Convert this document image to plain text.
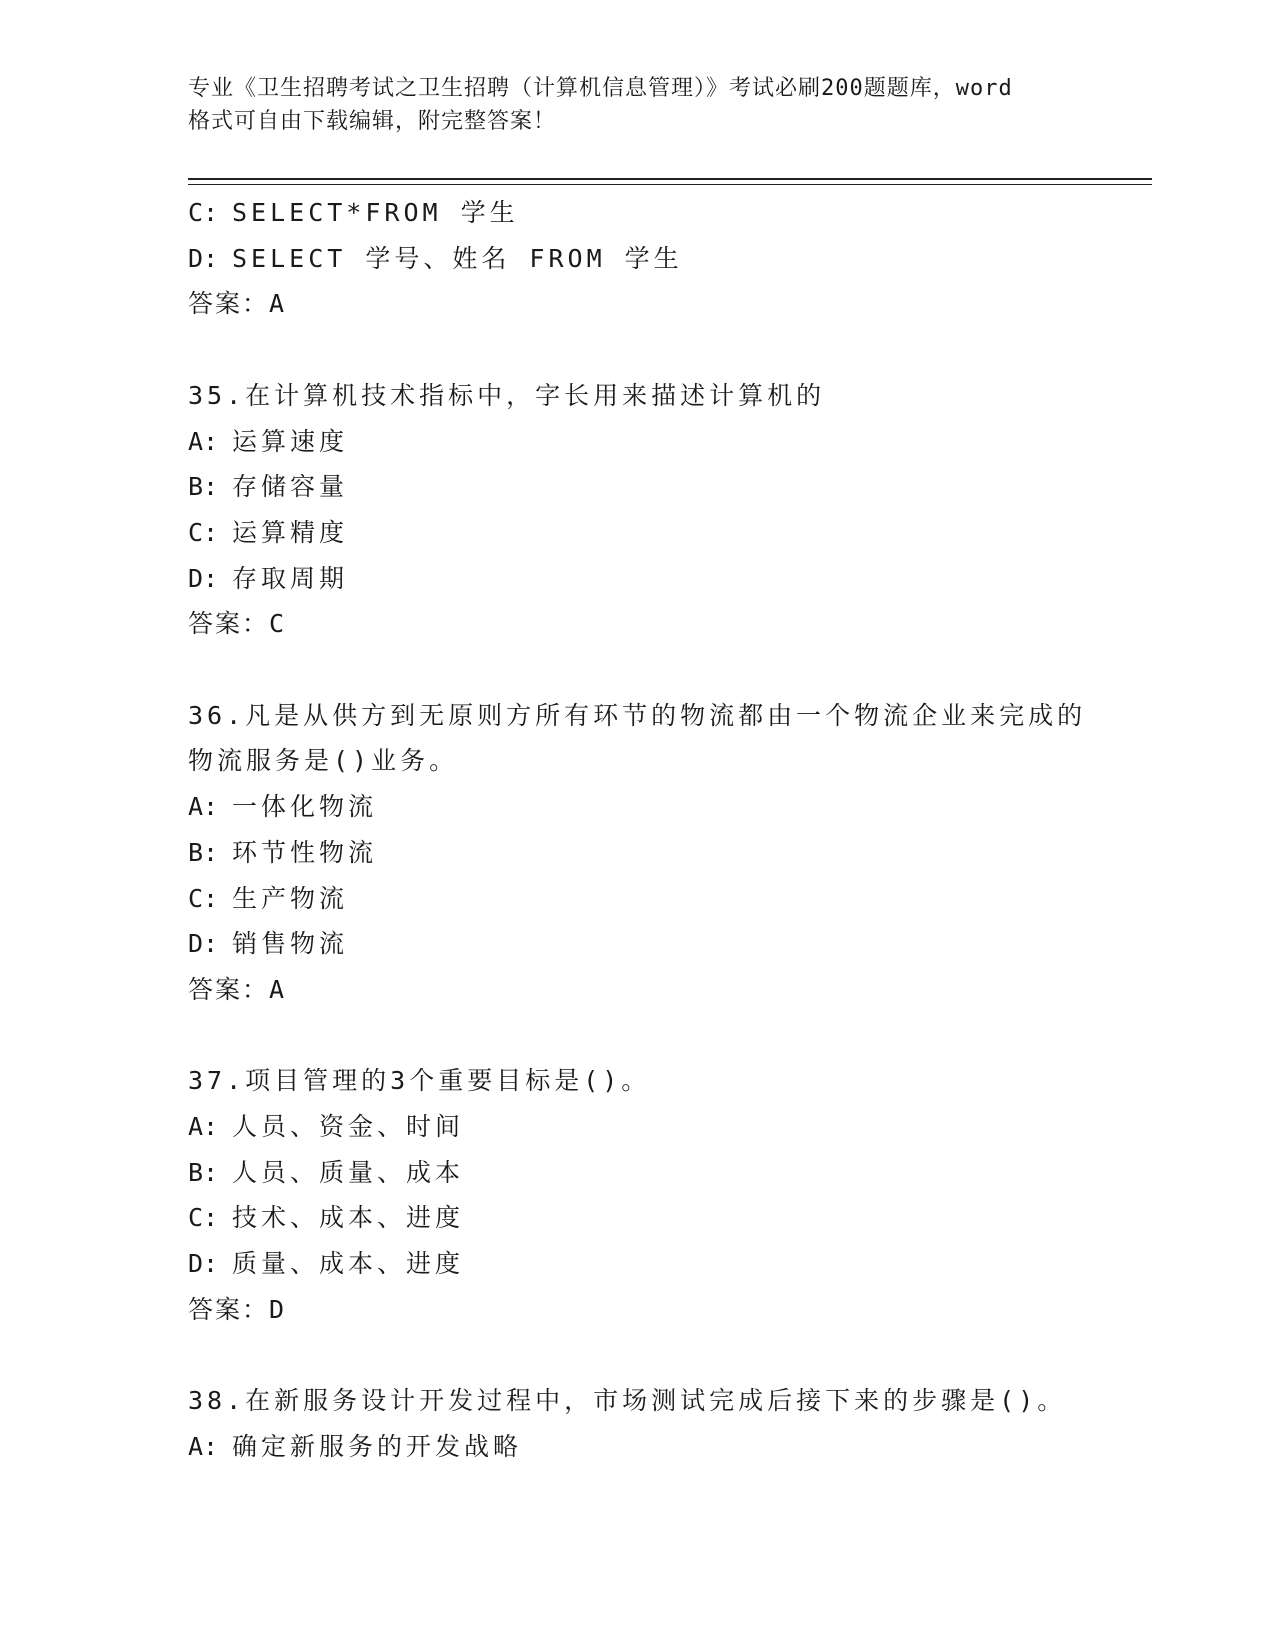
专业《卫生招聘考试之卫生招聘（计算机信息管理）》考试必刷200题题库，word
格式可自由下载编辑，附完整答案！
C: SELECT*FROM 学生
D: SELECT 学号、姓名 FROM 学生
答案：A
35.在计算机技术指标中，字长用来描述计算机的
A: 运算速度
B: 存储容量
C: 运算精度
D: 存取周期
答案：C
36.凡是从供方到无原则方所有环节的物流都由一个物流企业来完成的
物流服务是()业务。
A: 一体化物流
B: 环节性物流
C: 生产物流
D: 销售物流
答案：A
37.项目管理的3个重要目标是()。
A: 人员、资金、时间
B: 人员、质量、成本
C: 技术、成本、进度
D: 质量、成本、进度
答案：D
38.在新服务设计开发过程中，市场测试完成后接下来的步骤是()。
A: 确定新服务的开发战略
